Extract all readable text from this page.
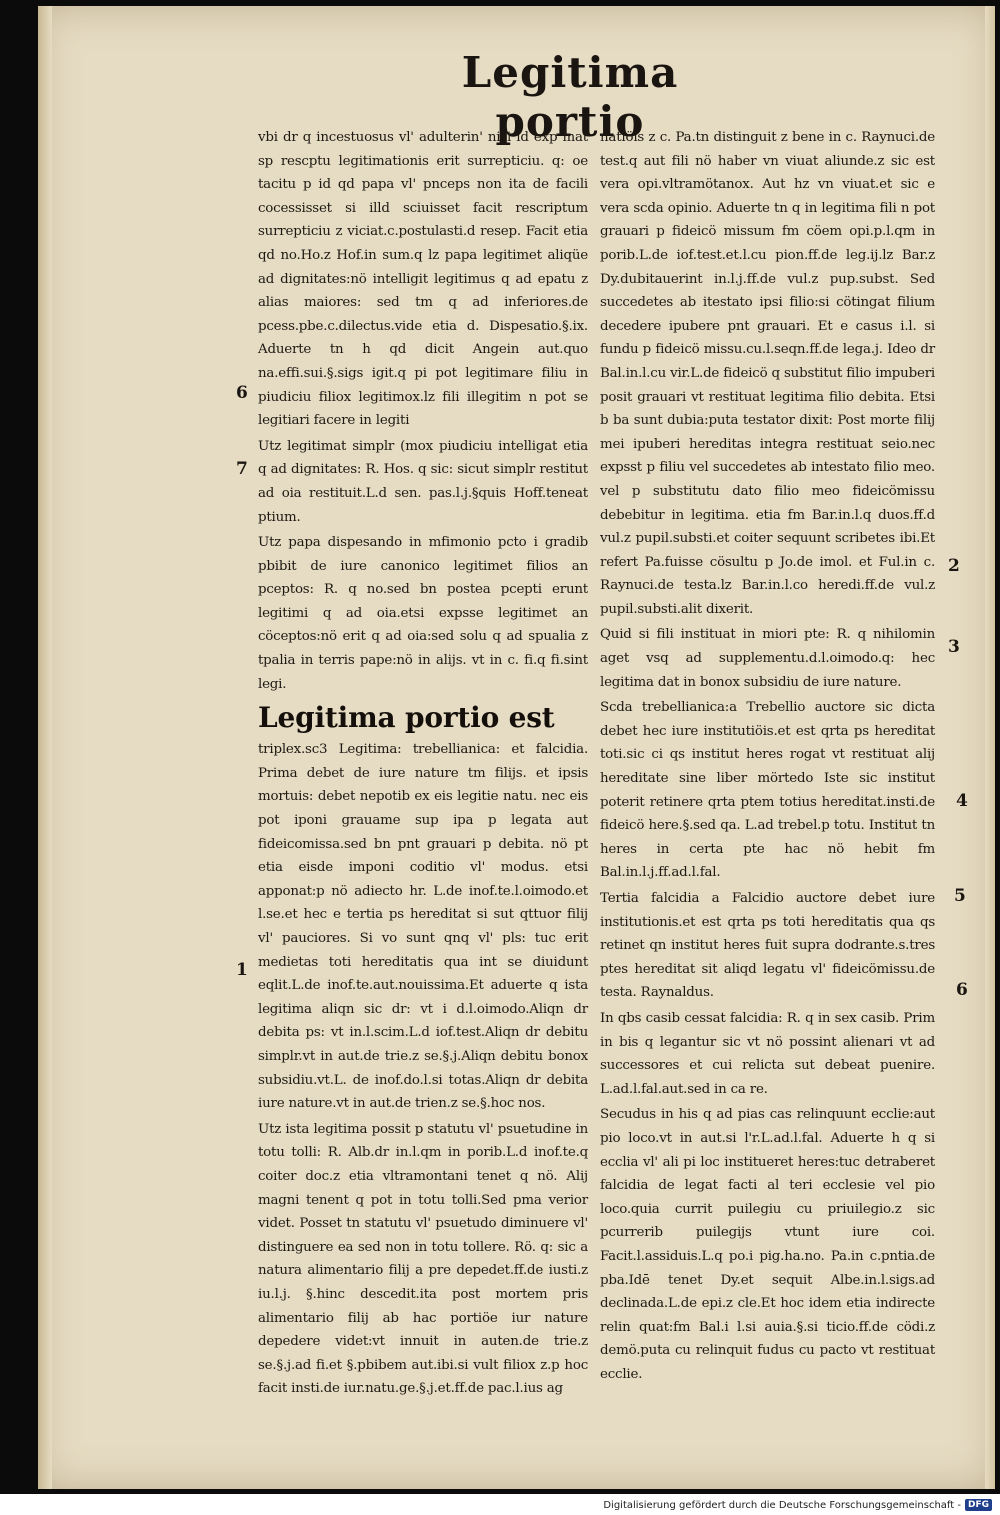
Legitima portio

vbi dr q incestuosus vl' adulterin' nisi id exp mat sp rescptu legitimationis erit surrepticiu. q: oe tacitu p id qd papa vl' pnceps non ita de facili cocessisset si illd sciuisset facit rescriptum surrepticiu z viciat.c.postulasti.d resep. Facit etia qd no.Ho.z Hof.in sum.q lz papa legitimet aliqüe ad dignitates:nö intelligit legitimus q ad epatu z alias maiores: sed tm q ad inferiores.de pcess.pbe.c.dilectus.vide etia d. Dispesatio.§.ix. Aduerte tn h qd dicit Angein aut.quo na.effi.sui.§.sigs igit.q pi pot legitimare filiu in piudiciu filiox legitimox.lz fili illegitim n pot se legitiari facere in legiti

Utz legitimat simplr (mox piudiciu intelligat etia q ad dignitates: R. Hos. q sic: sicut simplr restitut ad oia restituit.L.d sen. pas.l.j.§quis Hoff.teneat ptium.

Utz papa dispesando in mfimonio pcto i gradib pbibit de iure canonico legitimet filios an pceptos: R. q no.sed bn postea pcepti erunt legitimi q ad oia.etsi expsse legitimet an cöceptos:nö erit q ad oia:sed solu q ad spualia z tpalia in terris pape:nö in alijs. vt in c. fi.q fi.sint legi.

Legitima portio est

triplex.sc3 Legitima: trebellianica: et falcidia. Prima debet de iure nature tm filijs. et ipsis mortuis: debet nepotib ex eis legitie natu. nec eis pot iponi grauame sup ipa p legata aut fideicomissa.sed bn pnt grauari p debita. nö pt etia eisde imponi coditio vl' modus. etsi apponat:p nö adiecto hr. L.de inof.te.l.oimodo.et l.se.et hec e tertia ps hereditat si sut qttuor filij vl' pauciores. Si vo sunt qnq vl' pls: tuc erit medietas toti hereditatis qua int se diuidunt eqlit.L.de inof.te.aut.nouissima.Et aduerte q ista legitima aliqn sic dr: vt i d.l.oimodo.Aliqn dr debita ps: vt in.l.scim.L.d iof.test.Aliqn dr debitu simplr.vt in aut.de trie.z se.§.j.Aliqn debitu bonox subsidiu.vt.L. de inof.do.l.si totas.Aliqn dr debita iure nature.vt in aut.de trien.z se.§.hoc nos.

Utz ista legitima possit p statutu vl' psuetudine in totu tolli: R. Alb.dr in.l.qm in porib.L.d inof.te.q coiter doc.z etia vltramontani tenet q nö. Alij magni tenent q pot in totu tolli.Sed pma verior videt. Posset tn statutu vl' psuetudo diminuere vl' distinguere ea sed non in totu tollere. Rö. q: sic a natura alimentario filij a pre depedet.ff.de iusti.z iu.l.j. §.hinc descedit.ita post mortem pris alimentario filij ab hac portiöe iur nature depedere videt:vt innuit in auten.de trie.z se.§.j.ad fi.et §.pbibem aut.ibi.si vult filiox z.p hoc facit insti.de iur.natu.ge.§.j.et.ff.de pac.l.ius ag

natiöis z c. Pa.tn distinguit z bene in c. Raynuci.de test.q aut fili nö haber vn viuat aliunde.z sic est vera opi.vltramötanox. Aut hz vn viuat.et sic e vera scda opinio. Aduerte tn q in legitima fili n pot grauari p fideicö missum fm cöem opi.p.l.qm in porib.L.de iof.test.et.l.cu pion.ff.de leg.ij.lz Bar.z Dy.dubitauerint in.l.j.ff.de vul.z pup.subst. Sed succedetes ab itestato ipsi filio:si cötingat filium decedere ipubere pnt grauari. Et e casus i.l. si fundu p fideicö missu.cu.l.seqn.ff.de lega.j. Ideo dr Bal.in.l.cu vir.L.de fideicö q substitut filio impuberi posit grauari vt restituat legitima filio debita. Etsi b ba sunt dubia:puta testator dixit: Post morte filij mei ipuberi hereditas integra restituat seio.nec expsst p filiu vel succedetes ab intestato filio meo. vel p substitutu dato filio meo fideicömissu debebitur in legitima. etia fm Bar.in.l.q duos.ff.d vul.z pupil.substi.et coiter sequunt scribetes ibi.Et refert Pa.fuisse cösultu p Jo.de imol. et Ful.in c. Raynuci.de testa.lz Bar.in.l.co heredi.ff.de vul.z pupil.substi.alit dixerit.

Quid si fili instituat in miori pte: R. q nihilomin aget vsq ad supplementu.d.l.oimodo.q: hec legitima dat in bonox subsidiu de iure nature.

Scda trebellianica:a Trebellio auctore sic dicta debet hec iure institutiöis.et est qrta ps hereditat toti.sic ci qs institut heres rogat vt restituat alij hereditate sine liber mörtedo Iste sic institut poterit retinere qrta ptem totius hereditat.insti.de fideicö here.§.sed qa. L.ad trebel.p totu. Institut tn heres in certa pte hac nö hebit fm Bal.in.l.j.ff.ad.l.fal.

Tertia falcidia a Falcidio auctore debet iure institutionis.et est qrta ps toti hereditatis qua qs retinet qn institut heres fuit supra dodrante.s.tres ptes hereditat sit aliqd legatu vl' fideicömissu.de testa. Raynaldus.

In qbs casib cessat falcidia: R. q in sex casib. Prim in bis q legantur sic vt nö possint alienari vt ad successores et cui relicta sut debeat puenire. L.ad.l.fal.aut.sed in ca re.

Secudus in his q ad pias cas relinquunt ecclie:aut pio loco.vt in aut.si l'r.L.ad.l.fal. Aduerte h q si ecclia vl' ali pi loc institueret heres:tuc detraberet falcidia de legat facti al teri ecclesie vel pio loco.quia currit puilegiu cu priuilegio.z sic pcurrerib puilegijs vtunt iure coi. Facit.l.assiduis.L.q po.i pig.ha.no. Pa.in c.pntia.de pba.Idē tenet Dy.et sequit Albe.in.l.sigs.ad declinada.L.de epi.z cle.Et hoc idem etia indirecte relin quat:fm Bal.i l.si auia.§.si ticio.ff.de cödi.z demö.puta cu relinquit fudus cu pacto vt restituat ecclie.

6
7
1
2
3
4
5
6
Digitalisierung gefördert durch die Deutsche Forschungsgemeinschaft - DFG
